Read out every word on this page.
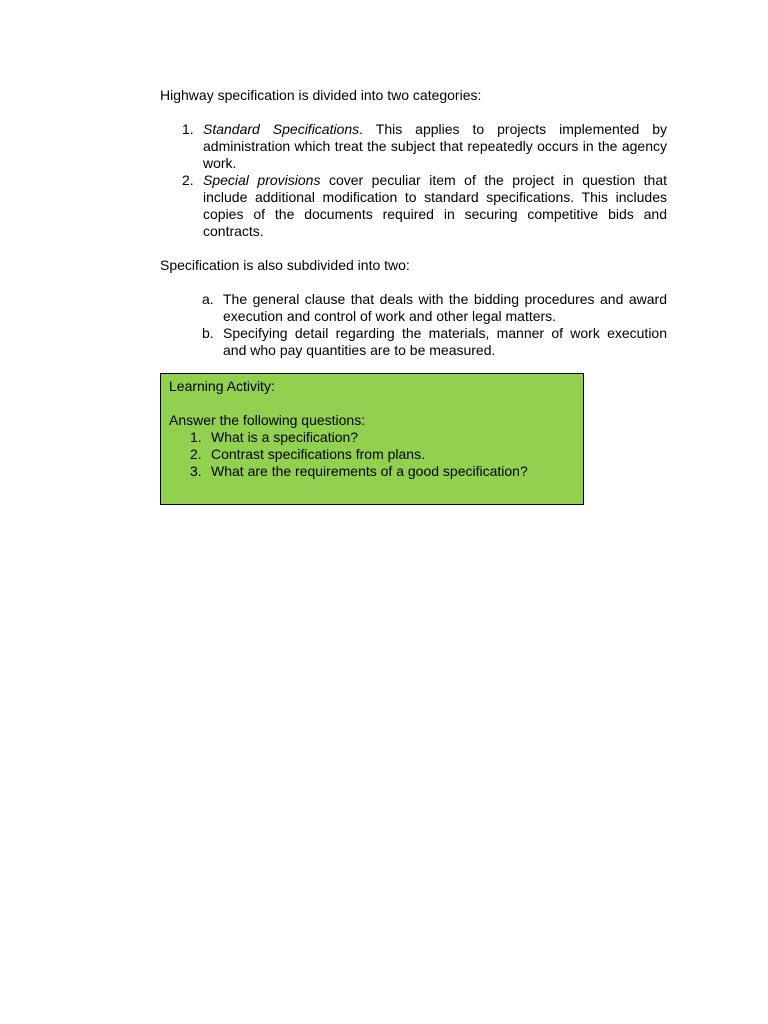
Highway specification is divided into two categories:

1. Standard Specifications. This applies to projects implemented by administration which treat the subject that repeatedly occurs in the agency work.
2. Special provisions cover peculiar item of the project in question that include additional modification to standard specifications. This includes copies of the documents required in securing competitive bids and contracts.

Specification is also subdivided into two:

a. The general clause that deals with the bidding procedures and award execution and control of work and other legal matters.
b. Specifying detail regarding the materials, manner of work execution and who pay quantities are to be measured.

Learning Activity:

Answer the following questions:

1. What is a specification?
2. Contrast specifications from plans.
3. What are the requirements of a good specification?
